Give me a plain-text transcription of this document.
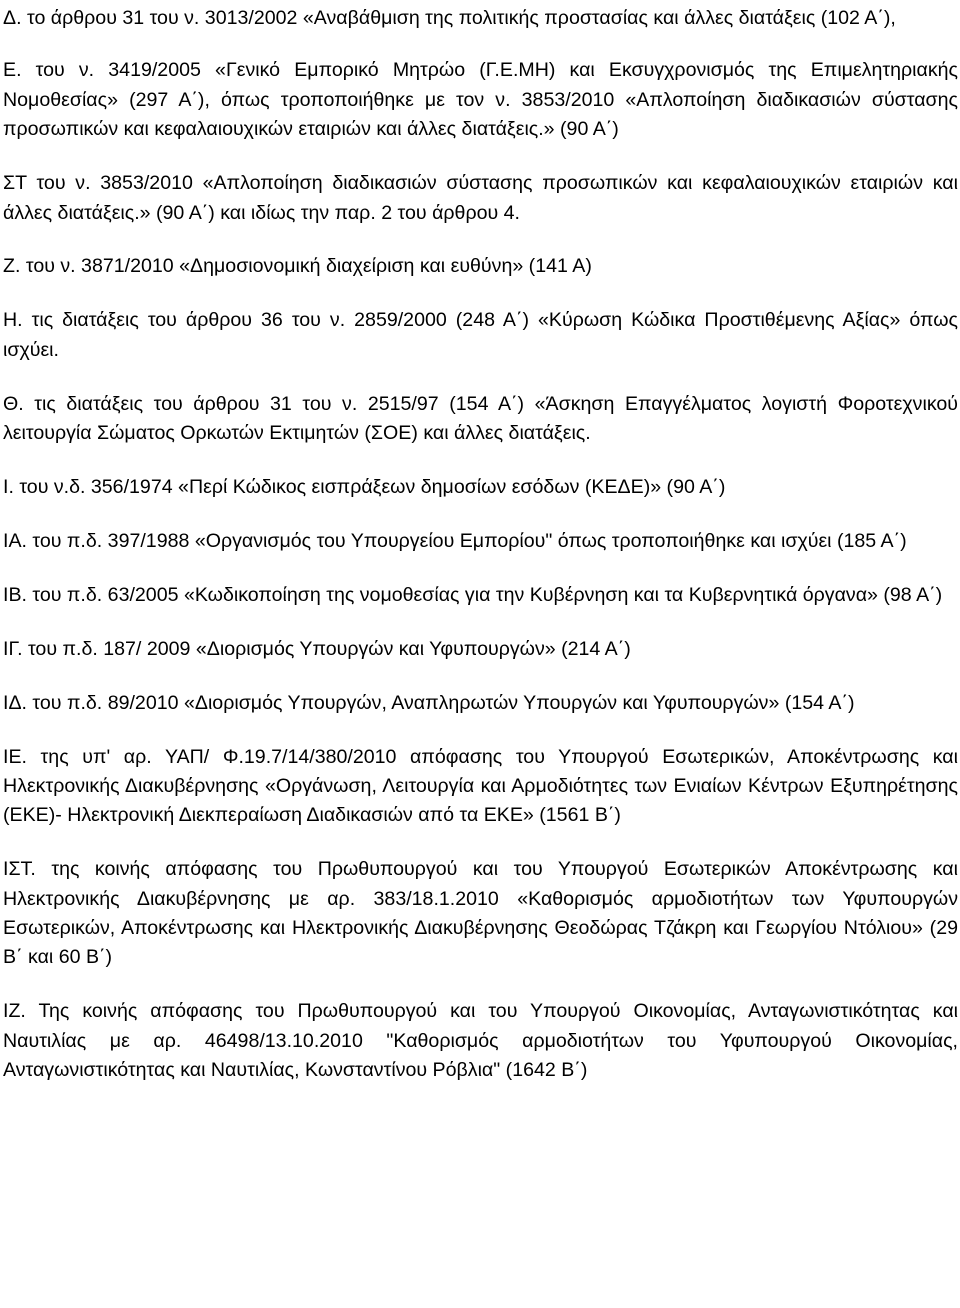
Δ. το άρθρου 31 του ν. 3013/2002 «Αναβάθμιση της πολιτικής προστασίας και άλλες διατάξεις (102 Α΄),

Ε. του ν. 3419/2005 «Γενικό Εμπορικό Μητρώο (Γ.Ε.ΜΗ) και Εκσυγχρονισμός της Επιμελητηριακής Νομοθεσίας» (297 Α΄), όπως τροποποιήθηκε με τον ν. 3853/2010 «Απλοποίηση διαδικασιών σύστασης προσωπικών και κεφαλαιουχικών εταιριών και άλλες διατάξεις.» (90 Α΄)

ΣΤ του ν. 3853/2010 «Απλοποίηση διαδικασιών σύστασης προσωπικών και κεφαλαιουχικών εταιριών και άλλες διατάξεις.» (90 Α΄) και ιδίως την παρ. 2 του άρθρου 4.

Ζ. του ν. 3871/2010 «Δημοσιονομική διαχείριση και ευθύνη» (141 Α)

Η. τις διατάξεις του άρθρου 36 του ν. 2859/2000 (248 Α΄) «Κύρωση Κώδικα Προστιθέμενης Αξίας» όπως ισχύει.

Θ. τις διατάξεις του άρθρου 31 του ν. 2515/97 (154 Α΄) «Άσκηση Επαγγέλματος λογιστή Φοροτεχνικού λειτουργία Σώματος Ορκωτών Εκτιμητών (ΣΟΕ) και άλλες διατάξεις.

Ι. του ν.δ. 356/1974 «Περί Κώδικος εισπράξεων δημοσίων εσόδων (ΚΕΔΕ)» (90 Α΄)

ΙΑ. του π.δ. 397/1988 «Οργανισμός του Υπουργείου Εμπορίου" όπως τροποποιήθηκε και ισχύει (185 Α΄)

ΙΒ. του π.δ. 63/2005 «Κωδικοποίηση της νομοθεσίας για την Κυβέρνηση και τα Κυβερνητικά όργανα» (98 Α΄)

ΙΓ. του π.δ. 187/ 2009 «Διορισμός Υπουργών και Υφυπουργών» (214 Α΄)

ΙΔ. του π.δ. 89/2010 «Διορισμός Υπουργών, Αναπληρωτών Υπουργών και Υφυπουργών» (154 Α΄)

ΙΕ. της υπ' αρ. ΥΑΠ/ Φ.19.7/14/380/2010 απόφασης του Υπουργού Εσωτερικών, Αποκέντρωσης και Ηλεκτρονικής Διακυβέρνησης «Οργάνωση, Λειτουργία και Αρμοδιότητες των Ενιαίων Κέντρων Εξυπηρέτησης (ΕΚΕ)- Ηλεκτρονική Διεκπεραίωση Διαδικασιών από τα ΕΚΕ» (1561 Β΄)

ΙΣΤ. της κοινής απόφασης του Πρωθυπουργού και του Υπουργού Εσωτερικών Αποκέντρωσης και Ηλεκτρονικής Διακυβέρνησης με αρ. 383/18.1.2010 «Καθορισμός αρμοδιοτήτων των Υφυπουργών Εσωτερικών, Αποκέντρωσης και Ηλεκτρονικής Διακυβέρνησης Θεοδώρας Τζάκρη και Γεωργίου Ντόλιου» (29 Β΄ και 60 Β΄)

ΙΖ. Της κοινής απόφασης του Πρωθυπουργού και του Υπουργού Οικονομίας, Ανταγωνιστικότητας και Ναυτιλίας με αρ. 46498/13.10.2010 "Καθορισμός αρμοδιοτήτων του Υφυπουργού Οικονομίας, Ανταγωνιστικότητας και Ναυτιλίας, Κωνσταντίνου Ρόβλια" (1642 Β΄)
